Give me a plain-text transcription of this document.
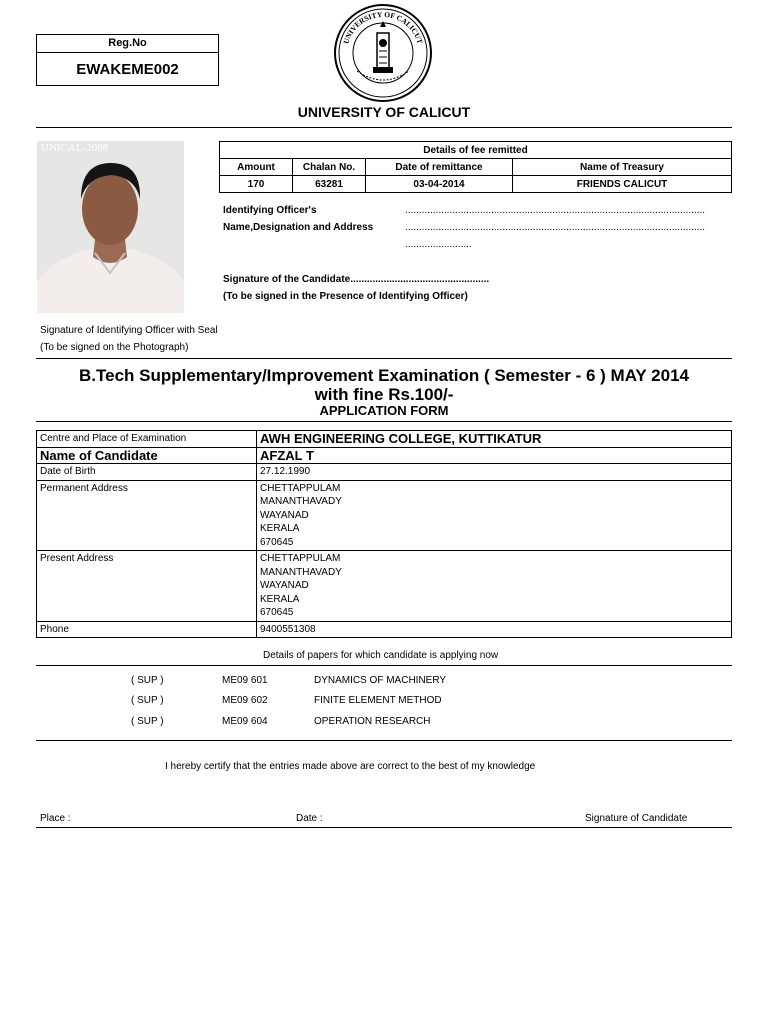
Reg.No
EWAKEME002
UNIVERSITY OF CALICUT
UNIVERSITY OF CALICUT
UNICAL-2008	Details of fee remitted			
Amount	Chalan No.	Date of remittance	Name of Treasury
170	63281	03-04-2014	FRIENDS CALICUT
Identifying Officer's
Name,Designation and Address
............................................................................................................
............................................................................................................
........................
Signature of the Candidate..................................................
(To be signed in the Presence of Identifying Officer)
Signature of Identifying Officer with Seal
(To be signed on the Photograph)
B.Tech Supplementary/Improvement Examination ( Semester - 6 ) MAY 2014
with fine Rs.100/-
APPLICATION FORM
Centre and Place of Examination	AWH ENGINEERING COLLEGE, KUTTIKATUR
Name of Candidate	AFZAL T
Date of Birth	27.12.1990
Permanent Address	CHETTAPPULAM
MANANTHAVADY
WAYANAD
KERALA
670645

Present Address	CHETTAPPULAM
MANANTHAVADY
WAYANAD
KERALA
670645

Phone	9400551308
Details of papers for which candidate is applying now
( SUP )	ME09 601	DYNAMICS OF MACHINERY
( SUP )	ME09 602	FINITE ELEMENT METHOD
( SUP )	ME09 604	OPERATION RESEARCH
I hereby certify that the entries made above are correct to the best of my knowledge
Place :	Date :	Signature of Candidate
